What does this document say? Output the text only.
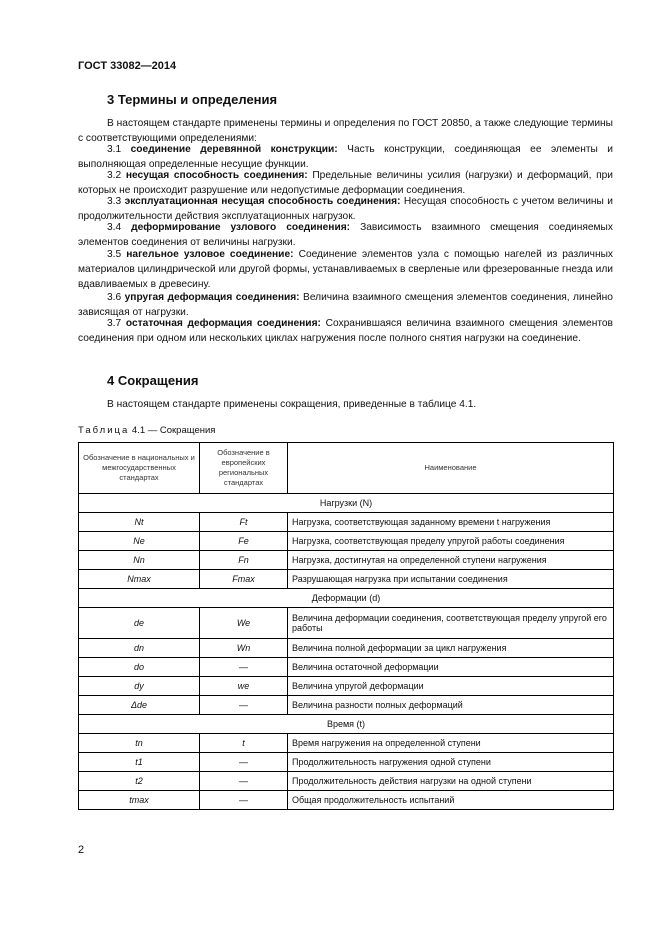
ГОСТ 33082—2014
3 Термины и определения

В настоящем стандарте применены термины и определения по ГОСТ 20850, а также следующие термины с соответствующими определениями:

3.1 соединение деревянной конструкции: Часть конструкции, соединяющая ее элементы и выполняющая определенные несущие функции.

3.2 несущая способность соединения: Предельные величины усилия (нагрузки) и деформаций, при которых не происходит разрушение или недопустимые деформации соединения.

3.3 эксплуатационная несущая способность соединения: Несущая способность с учетом величины и продолжительности действия эксплуатационных нагрузок.

3.4 деформирование узлового соединения: Зависимость взаимного смещения соединяемых элементов соединения от величины нагрузки.

3.5 нагельное узловое соединение: Соединение элементов узла с помощью нагелей из различных материалов цилиндрической или другой формы, устанавливаемых в сверленые или фрезерованные гнезда или вдавливаемых в древесину.

3.6 упругая деформация соединения: Величина взаимного смещения элементов соединения, линейно зависящая от нагрузки.

3.7 остаточная деформация соединения: Сохранившаяся величина взаимного смещения элементов соединения при одном или нескольких циклах нагружения после полного снятия нагрузки на соединение.

4 Сокращения

В настоящем стандарте применены сокращения, приведенные в таблице 4.1.

Таблица 4.1 — Сокращения
Обозначение в национальных и межгосударственных стандартах	Обозначение в европейских региональных стандартах	Наименование
Нагрузки (N)		
Nt	Ft	Нагрузка, соответствующая заданному времени t нагружения
Ne	Fe	Нагрузка, соответствующая пределу упругой работы соединения
Nn	Fn	Нагрузка, достигнутая на определенной ступени нагружения
Nmax	Fmax	Разрушающая нагрузка при испытании соединения
Деформации (d)		
de	We	Величина деформации соединения, соответствующая пределу упругой его работы
dn	Wn	Величина полной деформации за цикл нагружения
do	—	Величина остаточной деформации
dy	we	Величина упругой деформации
Δde	—	Величина разности полных деформаций
Время (t)		
tn	t	Время нагружения на определенной ступени
t1	—	Продолжительность нагружения одной ступени
t2	—	Продолжительность действия нагрузки на одной ступени
tmax	—	Общая продолжительность испытаний
2
